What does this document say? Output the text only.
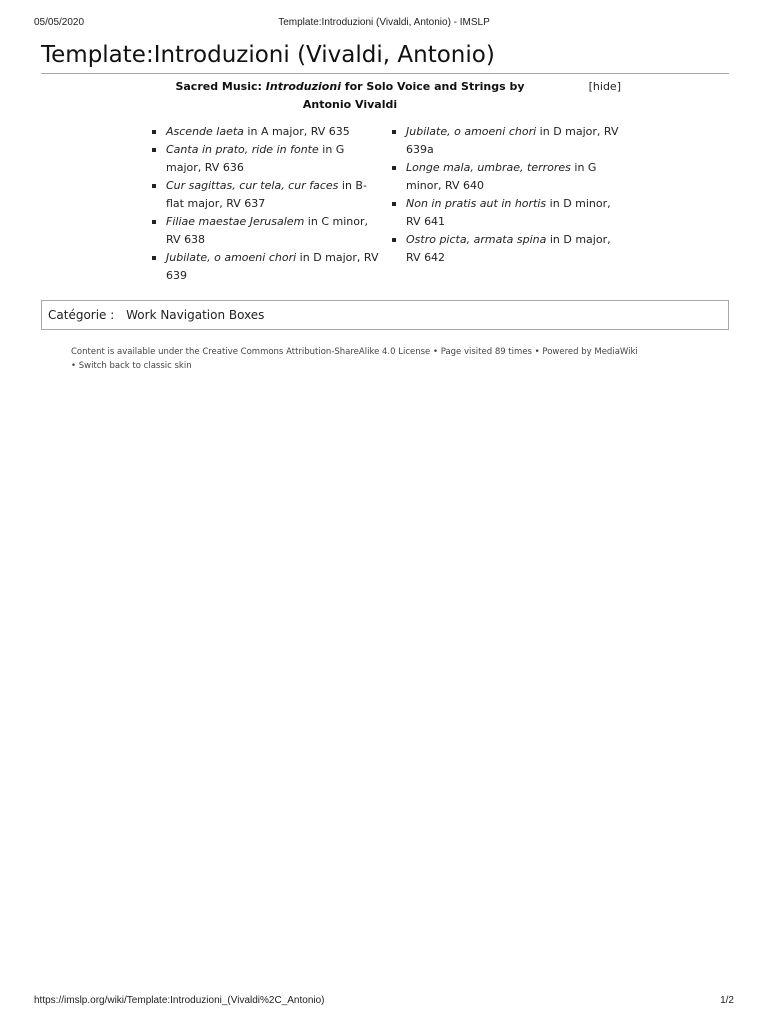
05/05/2020	Template:Introduzioni (Vivaldi, Antonio) - IMSLP
Template:Introduzioni (Vivaldi, Antonio)
Sacred Music: Introduzioni for Solo Voice and Strings by Antonio Vivaldi
[hide]
Ascende laeta in A major, RV 635
Canta in prato, ride in fonte in G major, RV 636
Cur sagittas, cur tela, cur faces in B-flat major, RV 637
Filiae maestae Jerusalem in C minor, RV 638
Jubilate, o amoeni chori in D major, RV 639
Jubilate, o amoeni chori in D major, RV 639a
Longe mala, umbrae, terrores in G minor, RV 640
Non in pratis aut in hortis in D minor, RV 641
Ostro picta, armata spina in D major, RV 642
Catégorie : Work Navigation Boxes
Content is available under the Creative Commons Attribution-ShareAlike 4.0 License • Page visited 89 times • Powered by MediaWiki
• Switch back to classic skin
https://imslp.org/wiki/Template:Introduzioni_(Vivaldi%2C_Antonio)	1/2
